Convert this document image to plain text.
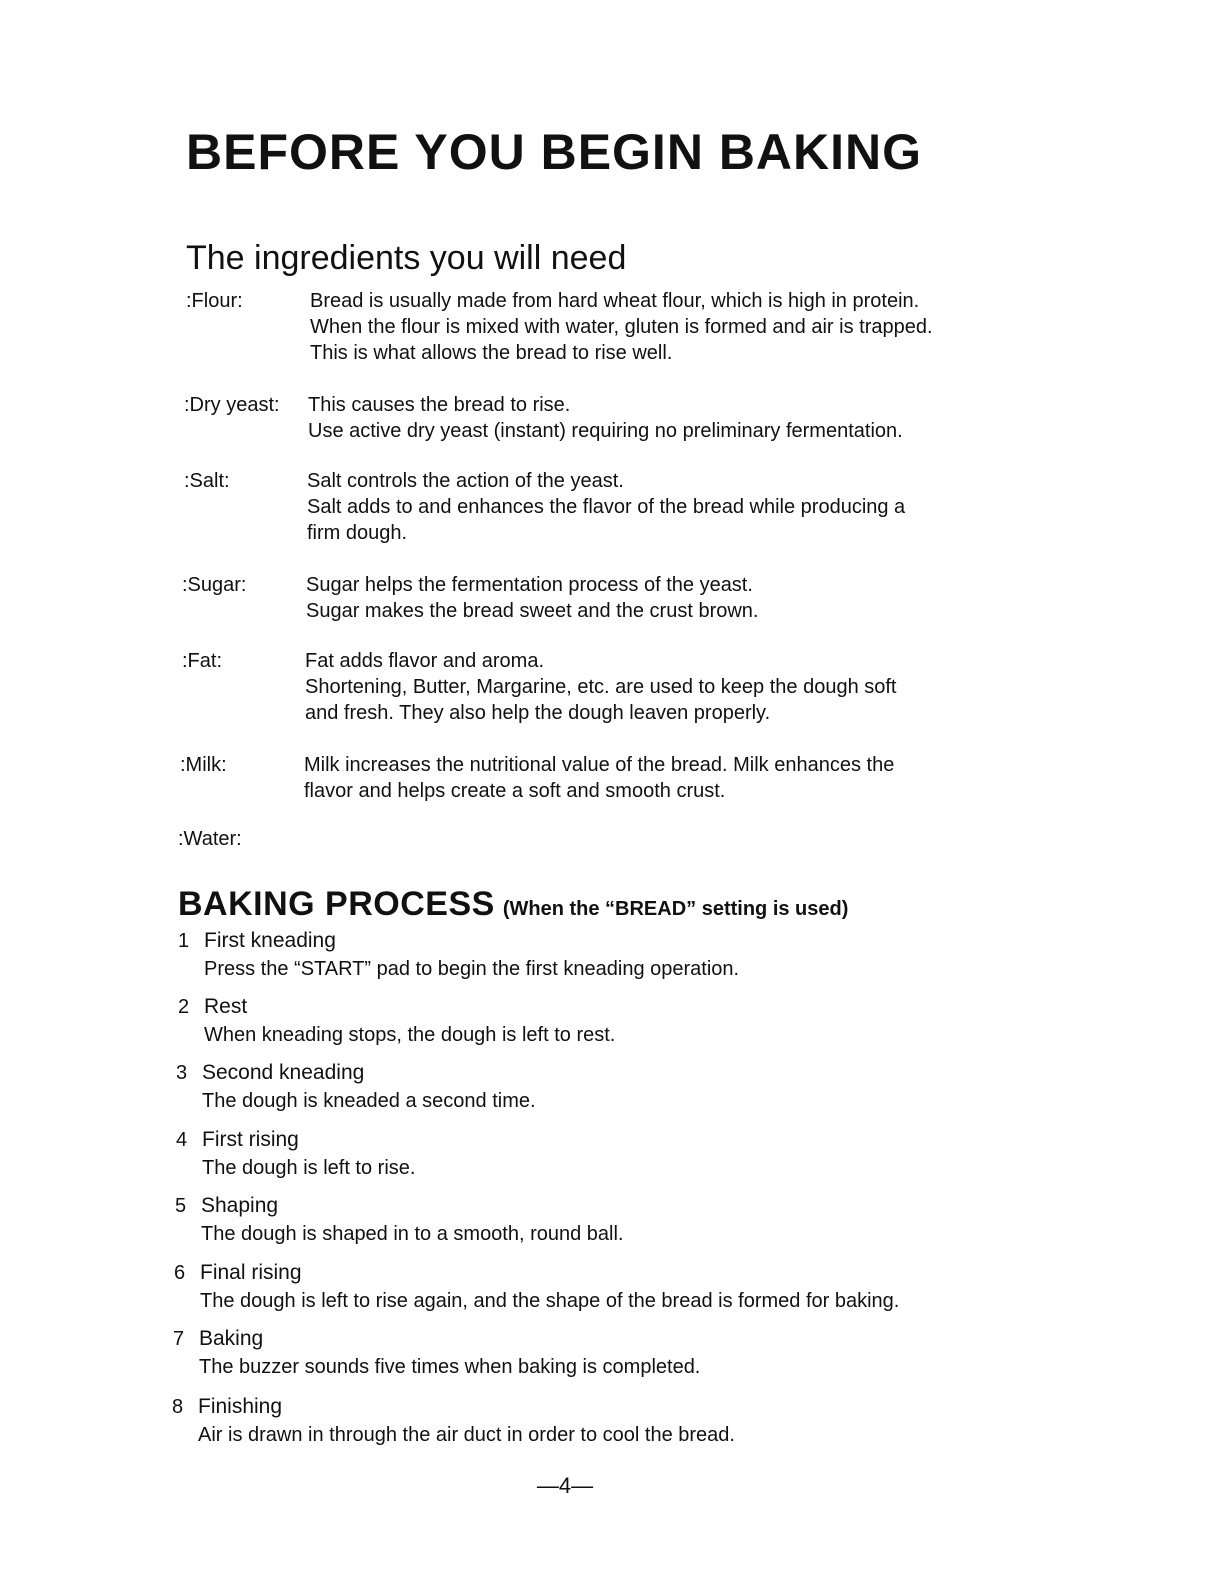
BEFORE YOU BEGIN BAKING
The ingredients you will need
:Flour:	Bread is usually made from hard wheat flour, which is high in protein.
When the flour is mixed with water, gluten is formed and air is trapped.
This is what allows the bread to rise well.
:Dry yeast: This causes the bread to rise.
Use active dry yeast (instant) requiring no preliminary fermentation.
:Salt:	Salt controls the action of the yeast.
Salt adds to and enhances the flavor of the bread while producing a
firm dough.
:Sugar:	Sugar helps the fermentation process of the yeast.
Sugar makes the bread sweet and the crust brown.
:Fat:	Fat adds flavor and aroma.
Shortening, Butter, Margarine, etc. are used to keep the dough soft
and fresh. They also help the dough leaven properly.
:Milk:	Milk increases the nutritional value of the bread. Milk enhances the
flavor and helps create a soft and smooth crust.
:Water:
BAKING PROCESS (When the “BREAD” setting is used)
1 First kneading
Press the “START” pad to begin the first kneading operation.
2 Rest
When kneading stops, the dough is left to rest.
3 Second kneading
The dough is kneaded a second time.
4 First rising
The dough is left to rise.
5 Shaping
The dough is shaped in to a smooth, round ball.
6 Final rising
The dough is left to rise again, and the shape of the bread is formed for baking.
7 Baking
The buzzer sounds five times when baking is completed.
8 Finishing
Air is drawn in through the air duct in order to cool the bread.
—4—
